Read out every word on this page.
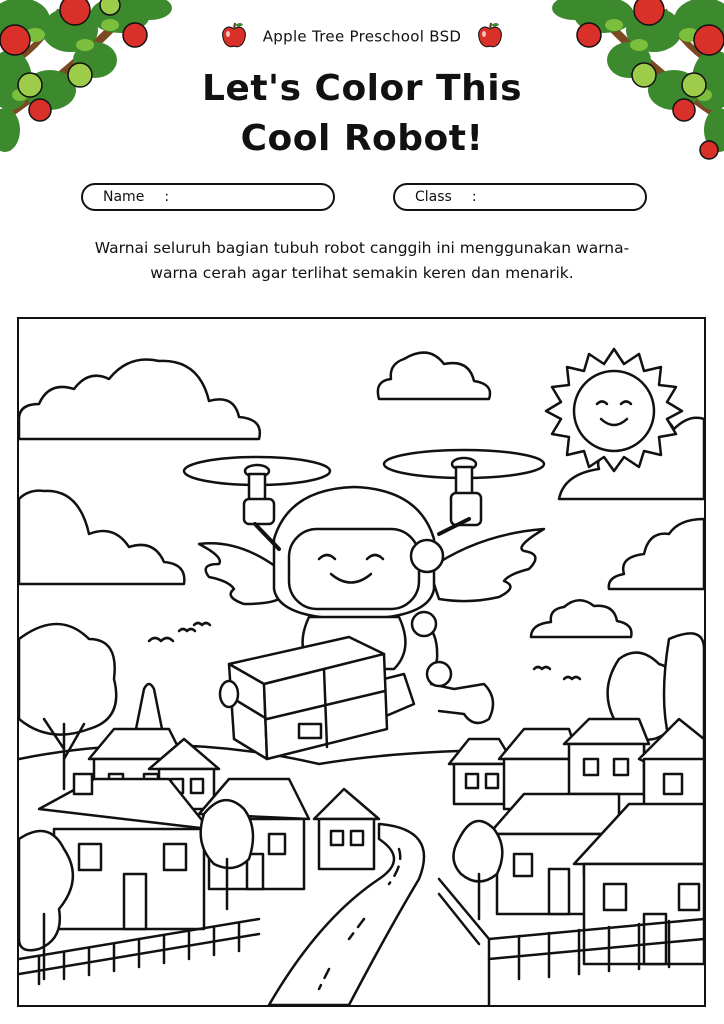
Apple Tree Preschool BSD
Let's Color This
Cool Robot!
Name :	Class :
Warnai seluruh bagian tubuh robot canggih ini menggunakan warna-
warna cerah agar terlihat semakin keren dan menarik.
